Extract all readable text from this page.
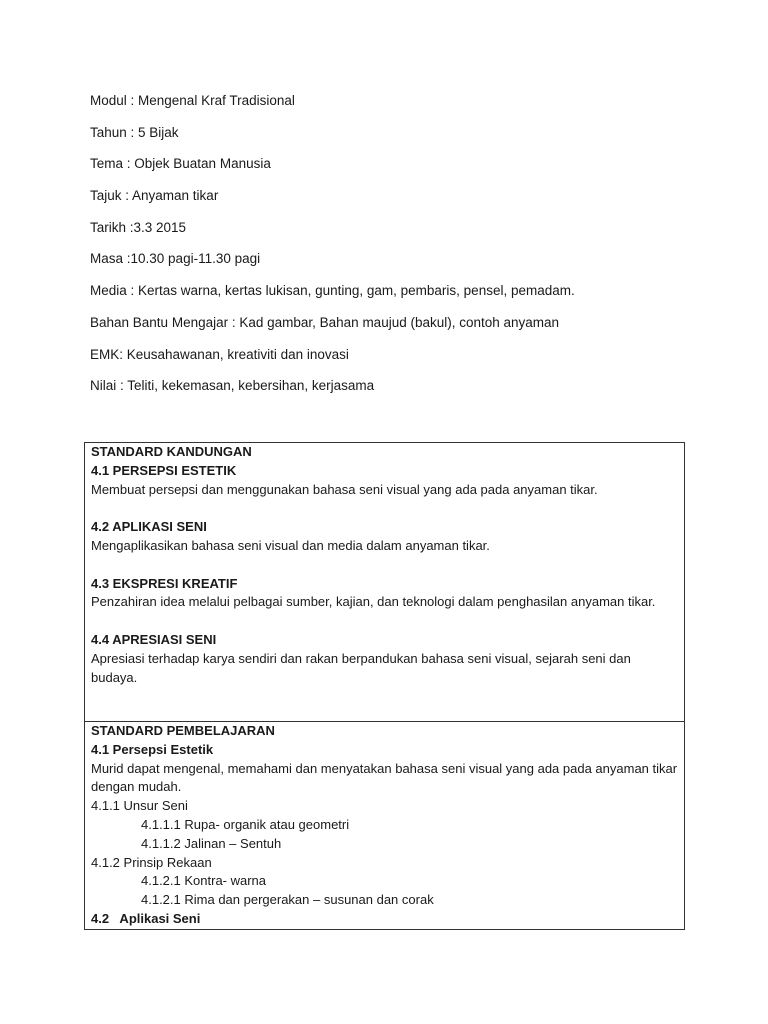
Modul : Mengenal Kraf Tradisional

Tahun : 5 Bijak

Tema : Objek Buatan Manusia

Tajuk : Anyaman tikar

Tarikh :3.3 2015

Masa :10.30 pagi-11.30 pagi

Media : Kertas warna, kertas lukisan, gunting, gam, pembaris, pensel, pemadam.

Bahan Bantu Mengajar : Kad gambar, Bahan maujud (bakul), contoh anyaman

EMK: Keusahawanan, kreativiti dan inovasi

Nilai : Teliti, kekemasan, kebersihan, kerjasama

STANDARD KANDUNGAN
4.1 PERSEPSI ESTETIK
Membuat persepsi dan menggunakan bahasa seni visual yang ada pada anyaman tikar.
4.2 APLIKASI SENI
Mengaplikasikan bahasa seni visual dan media dalam anyaman tikar.
4.3 EKSPRESI KREATIF
Penzahiran idea melalui pelbagai sumber, kajian, dan teknologi dalam penghasilan anyaman tikar.
4.4 APRESIASI SENI
Apresiasi terhadap karya sendiri dan rakan berpandukan bahasa seni visual, sejarah seni dan budaya.

STANDARD PEMBELAJARAN
4.1 Persepsi Estetik
Murid dapat mengenal, memahami dan menyatakan bahasa seni visual yang ada pada anyaman tikar dengan mudah.
4.1.1 Unsur Seni
4.1.1.1 Rupa- organik atau geometri
4.1.1.2 Jalinan – Sentuh
4.1.2 Prinsip Rekaan
4.1.2.1 Kontra- warna
4.1.2.1 Rima dan pergerakan – susunan dan corak
4.2   Aplikasi Seni
